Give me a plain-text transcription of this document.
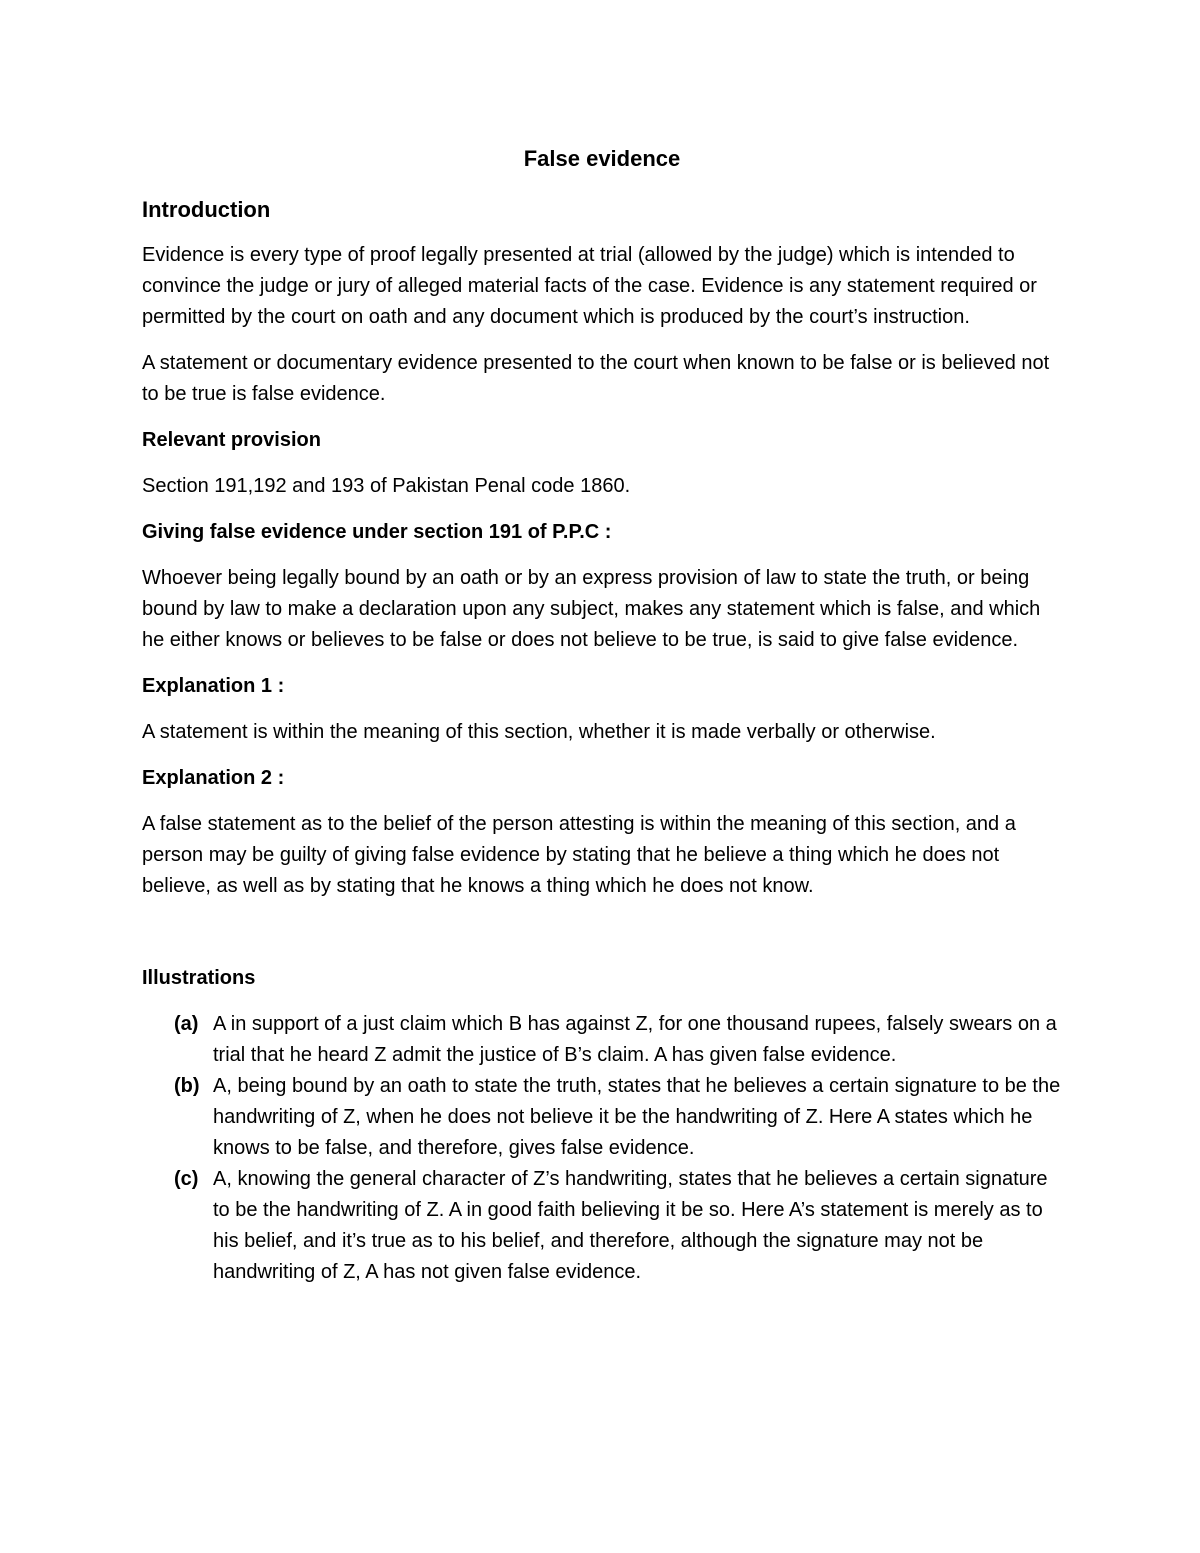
False evidence
Introduction

Evidence is every type of proof legally presented at trial (allowed by the judge) which is intended to convince the judge or jury of alleged material facts of the case. Evidence is any statement required or permitted by the court on oath and any document which is produced by the court’s instruction.

A statement or documentary evidence presented to the court when known to be false or is believed not to be true is false evidence.

Relevant provision

Section 191,192 and 193 of Pakistan Penal code 1860.

Giving false evidence under section 191 of P.P.C :

Whoever being legally bound by an oath or by an express provision of law to state the truth, or being bound by law to make a declaration upon any subject, makes any statement which is false, and which he either knows or believes to be false or does not believe to be true, is said to give false evidence.

Explanation 1 :

A statement is within the meaning of this section, whether it is made verbally or otherwise.

Explanation 2 :

A false statement as to the belief of the person attesting is within the meaning of this section, and a person may be guilty of giving false evidence by stating that he believe a thing which he does not believe, as well as by stating that he knows a thing which he does not know.

Illustrations
(a) A in support of a just claim which B has against Z, for one thousand rupees, falsely swears on a trial that he heard Z admit the justice of B’s claim. A has given false evidence.
(b) A, being bound by an oath to state the truth, states that he believes a certain signature to be the handwriting of Z, when he does not believe it be the handwriting of Z. Here A states which he knows to be false, and therefore, gives false evidence.
(c) A, knowing the general character of Z’s handwriting, states that he believes a certain signature to be the handwriting of Z. A in good faith believing it be so. Here A’s statement is merely as to his belief, and it’s true as to his belief, and therefore, although the signature may not be handwriting of Z, A has not given false evidence.
